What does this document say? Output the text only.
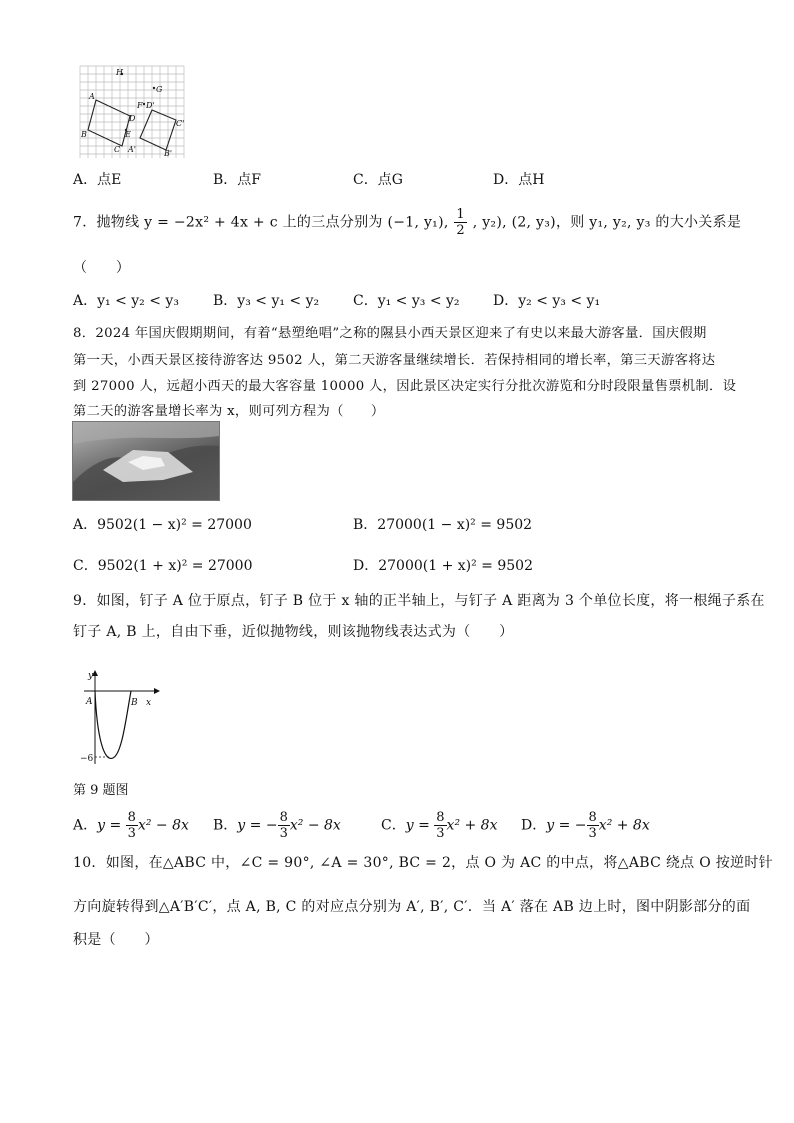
H
G
A
F D'
D
C'
B	E
C A'	B'
A．点E	B．点F	C．点G	D．点H
7．抛物线 y = −2x² + 4x + c 上的三点分别为 (−1, y₁), $\frac{1}{2}$ , y₂), (2, y₃)，则 y₁, y₂, y₃ 的大小关系是
（　　）
A．y₁ < y₂ < y₃ B．y₃ < y₁ < y₂ C．y₁ < y₃ < y₂ D．y₂ < y₃ < y₁
8．2024 年国庆假期期间，有着“悬塑绝唱”之称的隰县小西天景区迎来了有史以来最大游客量．国庆假期
第一天，小西天景区接待游客达 9502 人，第二天游客量继续增长．若保持相同的增长率，第三天游客将达
到 27000 人，远超小西天的最大客容量 10000 人，因此景区决定实行分批次游览和分时段限量售票机制．设
第二天的游客量增长率为 x，则可列方程为（　　）
A．9502(1 − x)² = 27000	B．27000(1 − x)² = 9502
C．9502(1 + x)² = 27000	D．27000(1 + x)² = 9502
9．如图，钉子 A 位于原点，钉子 B 位于 x 轴的正半轴上，与钉子 A 距离为 3 个单位长度，将一根绳子系在
钉子 A, B 上，自由下垂，近似抛物线，则该抛物线表达式为（　　）
y
x
A	B
−6
第 9 题图
A．$y = \frac{8}{3} x^2 - 8x$ B．y = − $\frac{8}{3} x^2 - 8x$	C．$y = \frac{8}{3} x^2 + 8x$ D．y = − $\frac{8}{3} x^2 + 8x$
10．如图，在△ABC 中，∠C = 90°, ∠A = 30°, BC = 2，点 O 为 AC 的中点，将△ABC 绕点 O 按逆时针
方向旋转得到△A′B′C′，点 A, B, C 的对应点分别为 A′, B′, C′．当 A′ 落在 AB 边上时，图中阴影部分的面
积是（　　）
